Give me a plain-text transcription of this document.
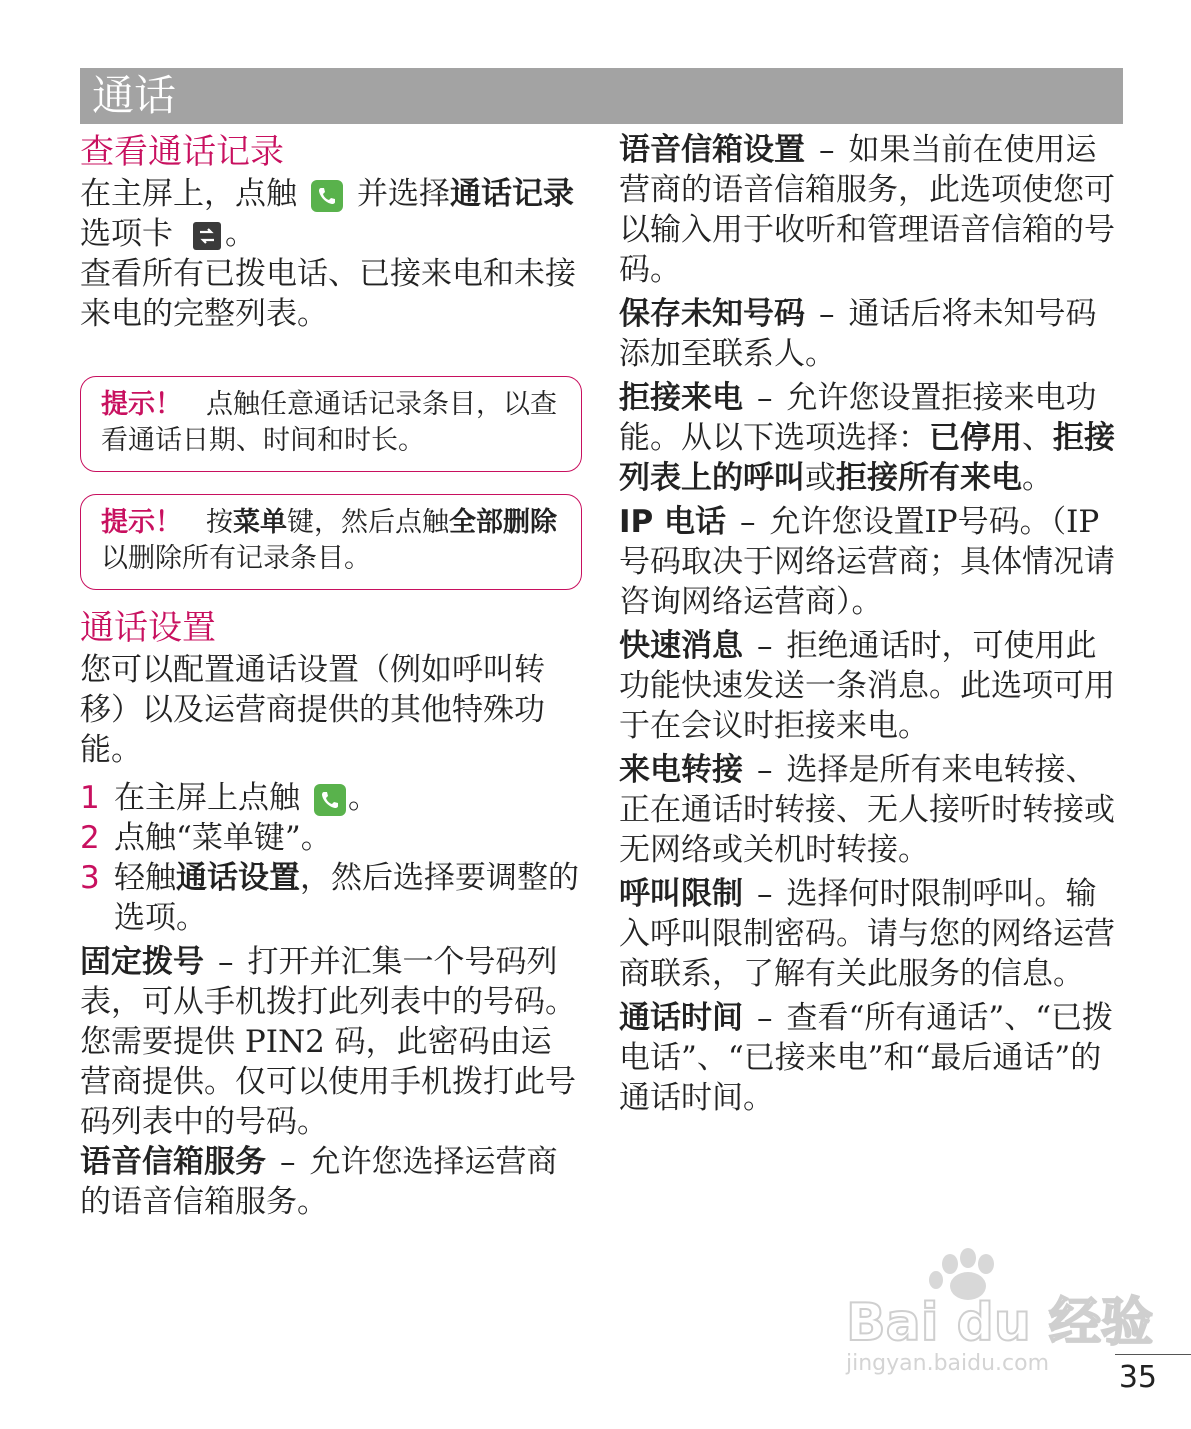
通话
查看通话记录

在主屏上，点触 并选择通话记录选项卡 。

查看所有已拨电话、已接来电和未接来电的完整列表。

提示！ 点触任意通话记录条目，以查看通话日期、时间和时长。

提示！ 按菜单键，然后点触全部删除以删除所有记录条目。

通话设置

您可以配置通话设置（例如呼叫转移）以及运营商提供的其他特殊功能。

1 在主屏上点触 。
2 点触“菜单键”。
3 轻触通话设置，然后选择要调整的选项。

固定拨号 – 打开并汇集一个号码列表，可从手机拨打此列表中的号码。您需要提供 PIN2 码，此密码由运营商提供。仅可以使用手机拨打此号码列表中的号码。

语音信箱服务 – 允许您选择运营商的语音信箱服务。

语音信箱设置 – 如果当前在使用运营商的语音信箱服务，此选项使您可以输入用于收听和管理语音信箱的号码。

保存未知号码 – 通话后将未知号码添加至联系人。

拒接来电 – 允许您设置拒接来电功能。从以下选项选择：已停用、拒接列表上的呼叫或拒接所有来电。

IP 电话 – 允许您设置IP号码。（IP号码取决于网络运营商；具体情况请咨询网络运营商）。

快速消息 – 拒绝通话时，可使用此功能快速发送一条消息。此选项可用于在会议时拒接来电。

来电转接 – 选择是所有来电转接、正在通话时转接、无人接听时转接或无网络或关机时转接。

呼叫限制 – 选择何时限制呼叫。输入呼叫限制密码。请与您的网络运营商联系，了解有关此服务的信息。

通话时间 – 查看“所有通话”、“已拨电话”、“已接来电”和“最后通话”的通话时间。

Bai du 经验
jingyan.baidu.com 35
